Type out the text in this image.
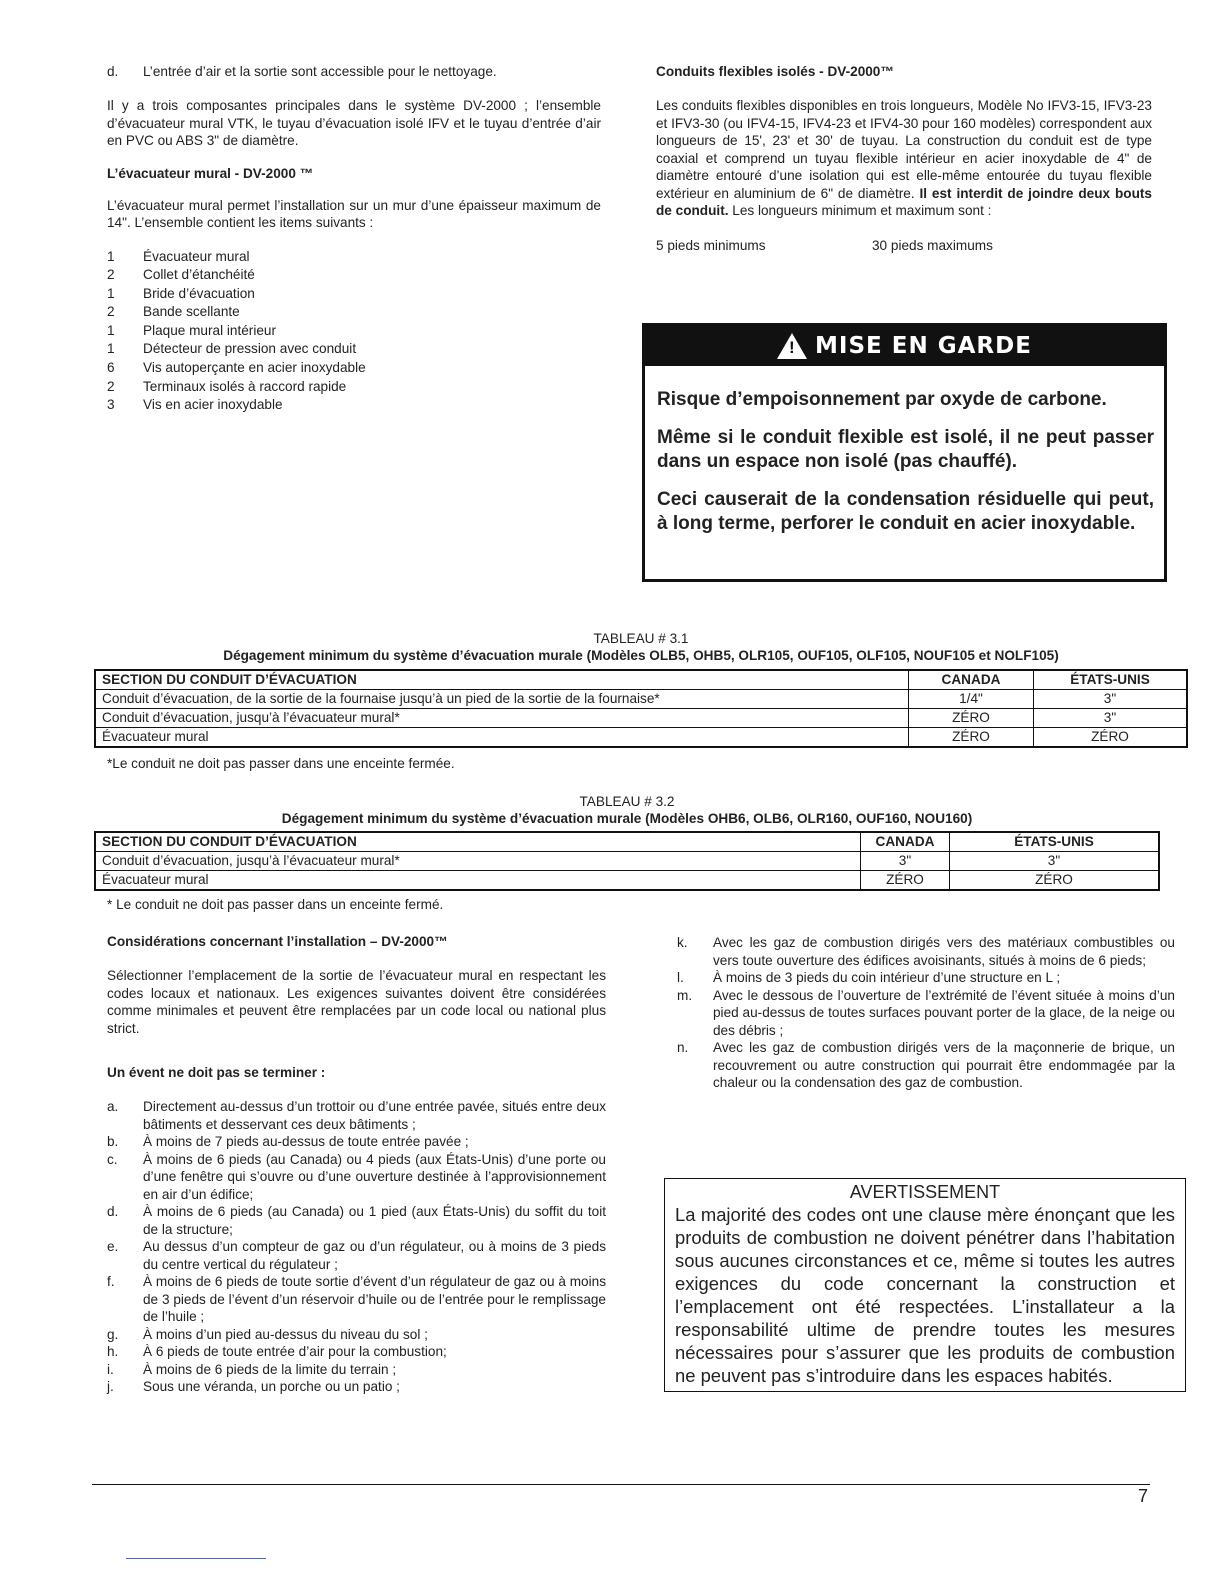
d.	L’entrée d’air et la sortie sont accessible pour le nettoyage.

Il y a trois composantes principales dans le système DV-2000 ; l’ensemble d’évacuateur mural VTK, le tuyau d’évacuation isolé IFV et le tuyau d’entrée d’air en PVC ou ABS 3" de diamètre.

L’évacuateur mural - DV-2000 ™

L’évacuateur mural permet l’installation sur un mur d’une épaisseur maximum de 14". L’ensemble contient les items suivants :

1	Évacuateur mural
2	Collet d’étanchéité
1	Bride d’évacuation
2	Bande scellante
1	Plaque mural intérieur
1	Détecteur de pression avec conduit
6	Vis autoperçante en acier inoxydable
2	Terminaux isolés à raccord rapide
3	Vis en acier inoxydable

Conduits flexibles isolés - DV-2000™

Les conduits flexibles disponibles en trois longueurs, Modèle No IFV3-15, IFV3-23 et IFV3-30 (ou IFV4-15, IFV4-23 et IFV4-30 pour 160 modèles) correspondent aux longueurs de 15', 23' et 30' de tuyau. La construction du conduit est de type coaxial et comprend un tuyau flexible intérieur en acier inoxydable de 4" de diamètre entouré d’une isolation qui est elle-même entourée du tuyau flexible extérieur en aluminium de 6" de diamètre. Il est interdit de joindre deux bouts de conduit. Les longueurs minimum et maximum sont :

5 pieds minimums	30 pieds maximums
! MISE EN GARDE

Risque d’empoisonnement par oxyde de carbone.

Même si le conduit flexible est isolé, il ne peut passer dans un espace non isolé (pas chauffé).

Ceci causerait de la condensation résiduelle qui peut, à long terme, perforer le conduit en acier inoxydable.

TABLEAU # 3.1
Dégagement minimum du système d’évacuation murale (Modèles OLB5, OHB5, OLR105, OUF105, OLF105, NOUF105 et NOLF105)
SECTION DU CONDUIT D’ÉVACUATION	CANADA	ÉTATS-UNIS
Conduit d’évacuation, de la sortie de la fournaise jusqu’à un pied de la sortie de la fournaise*	1/4"	3"
Conduit d’évacuation, jusqu’à l’évacuateur mural*	ZÉRO	3"
Évacuateur mural	ZÉRO	ZÉRO
*Le conduit ne doit pas passer dans une enceinte fermée.
TABLEAU # 3.2
Dégagement minimum du système d’évacuation murale (Modèles OHB6, OLB6, OLR160, OUF160, NOU160)
SECTION DU CONDUIT D’ÉVACUATION	CANADA	ÉTATS-UNIS
Conduit d’évacuation, jusqu’à l’évacuateur mural*	3"	3"
Évacuateur mural	ZÉRO	ZÉRO
* Le conduit ne doit pas passer dans un enceinte fermé.

Considérations concernant l’installation – DV-2000™

Sélectionner l’emplacement de la sortie de l’évacuateur mural en respectant les codes locaux et nationaux. Les exigences suivantes doivent être considérées comme minimales et peuvent être remplacées par un code local ou national plus strict.

Un évent ne doit pas se terminer :

a.	Directement au-dessus d’un trottoir ou d’une entrée pavée, situés entre deux bâtiments et desservant ces deux bâtiments ;
b.	À moins de 7 pieds au-dessus de toute entrée pavée ;
c.	À moins de 6 pieds (au Canada) ou 4 pieds (aux États-Unis) d’une porte ou d’une fenêtre qui s’ouvre ou d’une ouverture destinée à l’approvisionnement en air d’un édifice;
d.	À moins de 6 pieds (au Canada) ou 1 pied (aux États-Unis) du soffit du toit de la structure;
e.	Au dessus d’un compteur de gaz ou d’un régulateur, ou à moins de 3 pieds du centre vertical du régulateur ;
f.	À moins de 6 pieds de toute sortie d’évent d’un régulateur de gaz ou à moins de 3 pieds de l’évent d’un réservoir d’huile ou de l’entrée pour le remplissage de l’huile ;
g.	À moins d’un pied au-dessus du niveau du sol ;
h.	À 6 pieds de toute entrée d’air pour la combustion;
i.	À moins de 6 pieds de la limite du terrain ;
j.	Sous une véranda, un porche ou un patio ;
k.	Avec les gaz de combustion dirigés vers des matériaux combustibles ou vers toute ouverture des édifices avoisinants, situés à moins de 6 pieds;
l.	À moins de 3 pieds du coin intérieur d’une structure en L ;
m.	Avec le dessous de l’ouverture de l’extrémité de l’évent située à moins d’un pied au-dessus de toutes surfaces pouvant porter de la glace, de la neige ou des débris ;
n.	Avec les gaz de combustion dirigés vers de la maçonnerie de brique, un recouvrement ou autre construction qui pourrait être endommagée par la chaleur ou la condensation des gaz de combustion.

AVERTISSEMENT

La majorité des codes ont une clause mère énonçant que les produits de combustion ne doivent pénétrer dans l’habitation sous aucunes circonstances et ce, même si toutes les autres exigences du code concernant la construction et l’emplacement ont été respectées. L’installateur a la responsabilité ultime de prendre toutes les mesures nécessaires pour s’assurer que les produits de combustion ne peuvent pas s’introduire dans les espaces habités.

7
